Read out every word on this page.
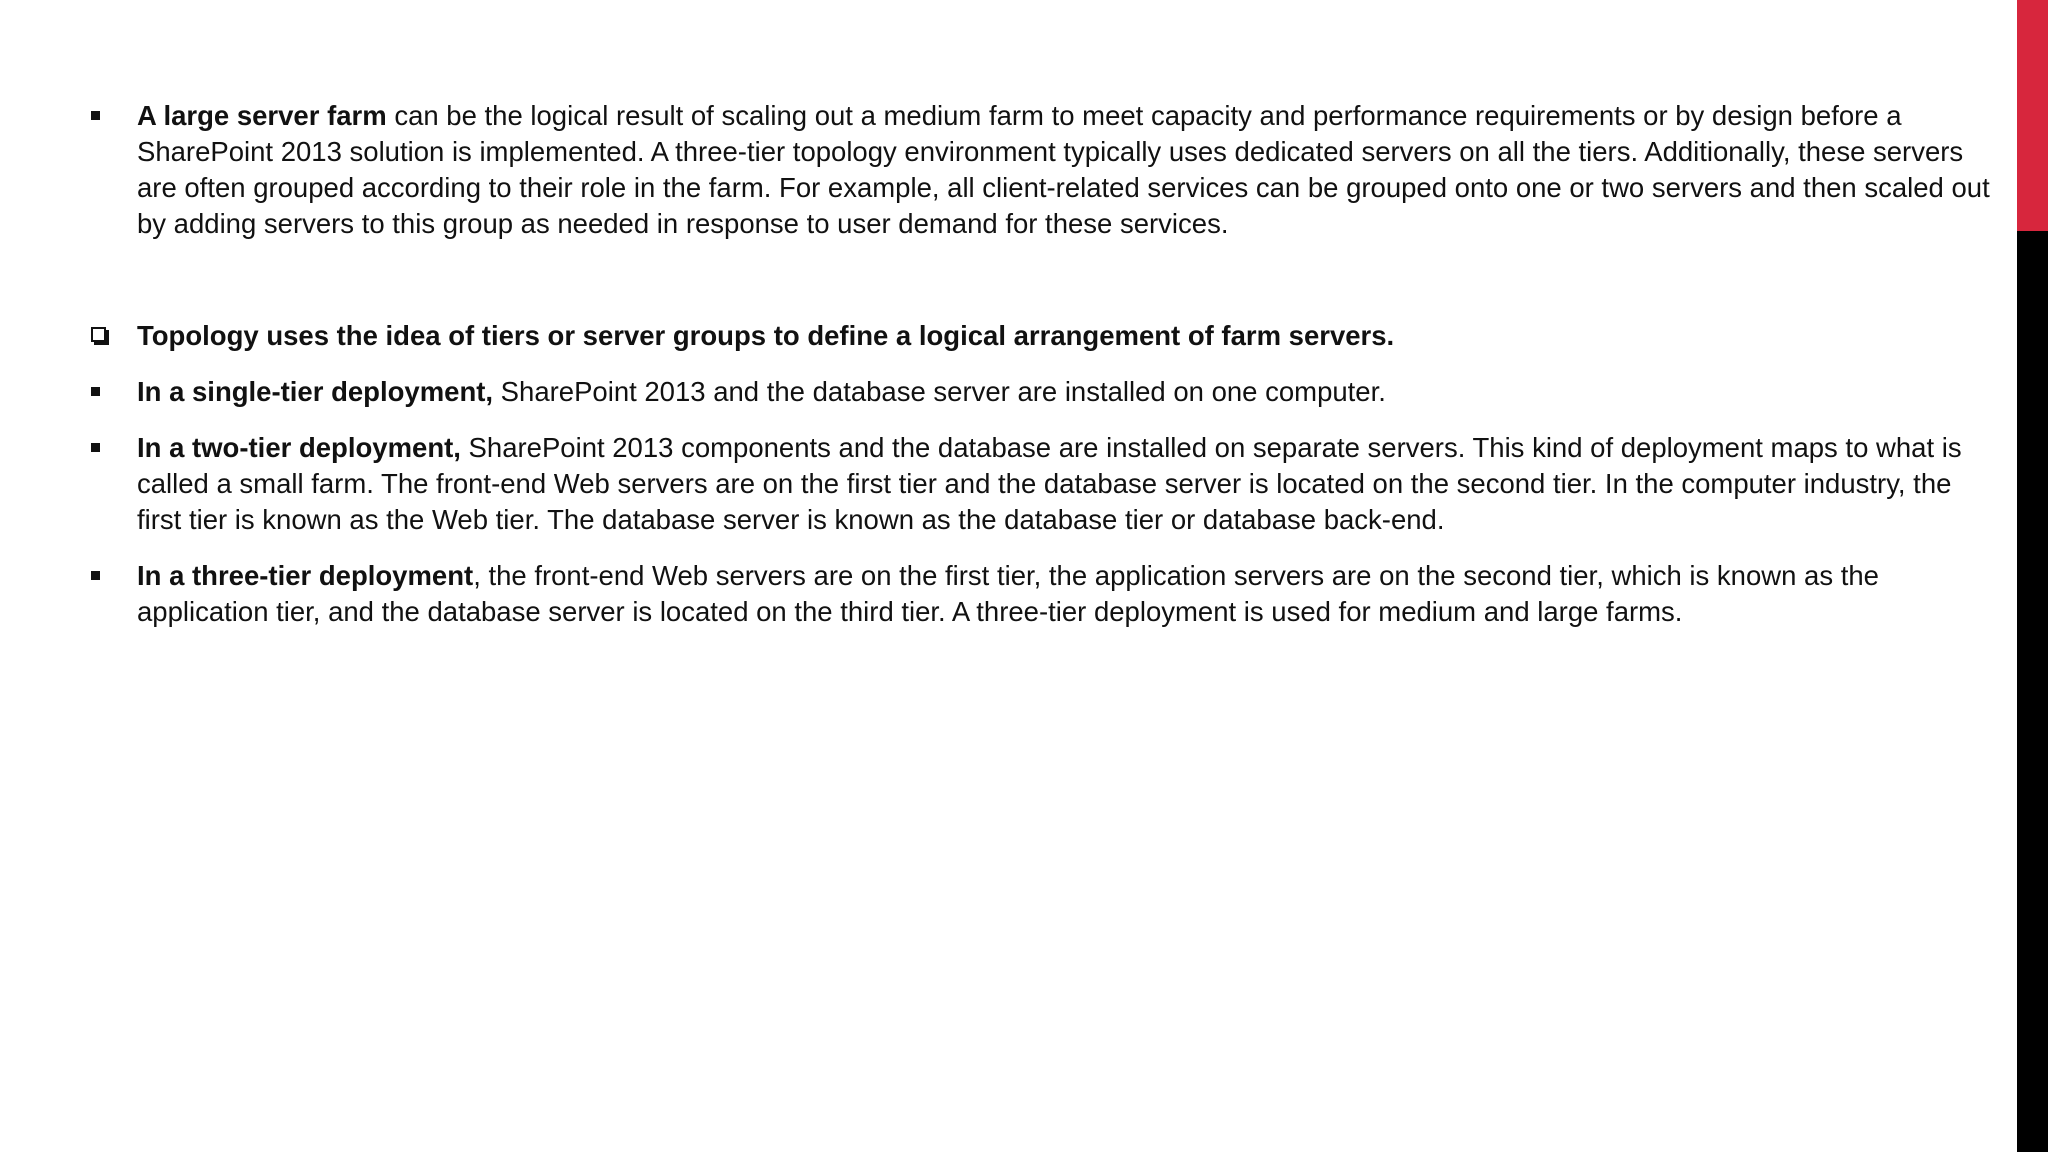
A large server farm can be the logical result of scaling out a medium farm to meet capacity and performance requirements or by design before a SharePoint 2013 solution is implemented. A three-tier topology environment typically uses dedicated servers on all the tiers. Additionally, these servers are often grouped according to their role in the farm. For example, all client-related services can be grouped onto one or two servers and then scaled out by adding servers to this group as needed in response to user demand for these services.
Topology uses the idea of tiers or server groups to define a logical arrangement of farm servers.
In a single-tier deployment, SharePoint 2013 and the database server are installed on one computer.
In a two-tier deployment, SharePoint 2013 components and the database are installed on separate servers. This kind of deployment maps to what is called a small farm. The front-end Web servers are on the first tier and the database server is located on the second tier. In the computer industry, the first tier is known as the Web tier. The database server is known as the database tier or database back-end.
In a three-tier deployment, the front-end Web servers are on the first tier, the application servers are on the second tier, which is known as the application tier, and the database server is located on the third tier. A three-tier deployment is used for medium and large farms.
